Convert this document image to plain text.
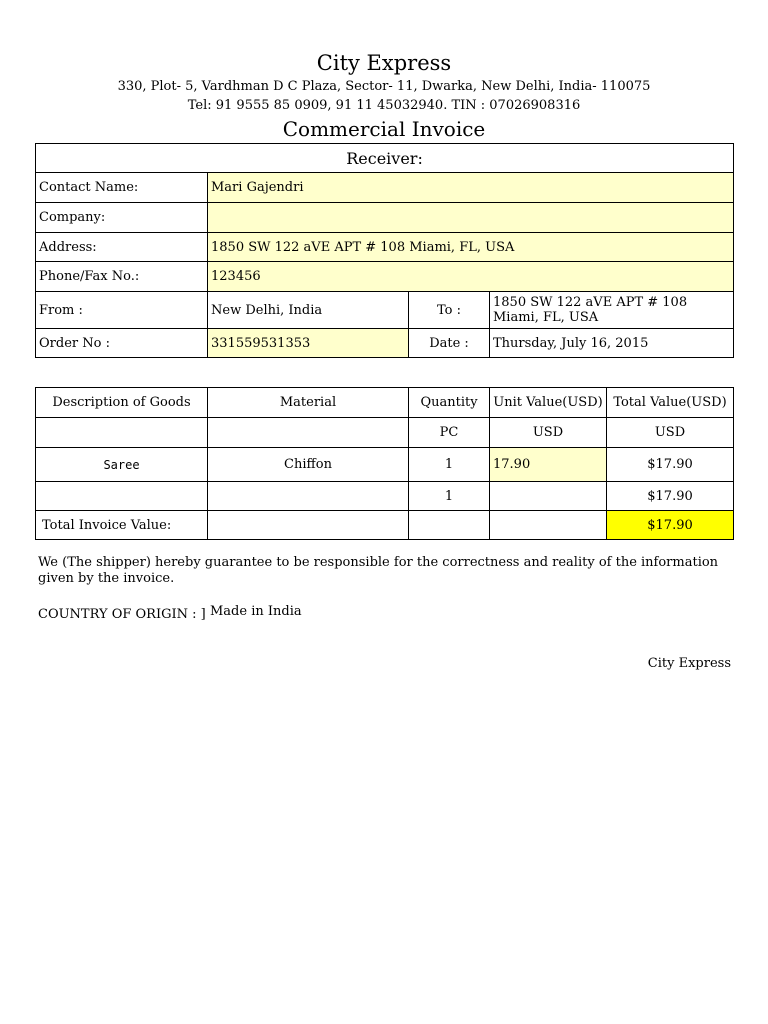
City Express
330, Plot- 5, Vardhman D C Plaza, Sector- 11, Dwarka, New Delhi, India- 110075
Tel: 91 9555 85 0909, 91 11 45032940. TIN : 07026908316
Commercial Invoice
Receiver:			
Contact Name:	Mari Gajendri		
Company:			
Address:	1850 SW 122 aVE APT # 108 Miami, FL, USA		
Phone/Fax No.:	123456		
From :	New Delhi, India	To :	1850 SW 122 aVE APT # 108 Miami, FL, USA
Order No :	331559531353	Date :	Thursday, July 16, 2015
Description of Goods	Material	Quantity	Unit Value(USD)	Total Value(USD)
		PC	USD	USD
Saree	Chiffon	1	17.90	$17.90
		1		$17.90
Total Invoice Value:				$17.90
We (The shipper) hereby guarantee to be responsible for the correctness and reality of the information given by the invoice.
COUNTRY OF ORIGIN : ] Made in India
City Express
